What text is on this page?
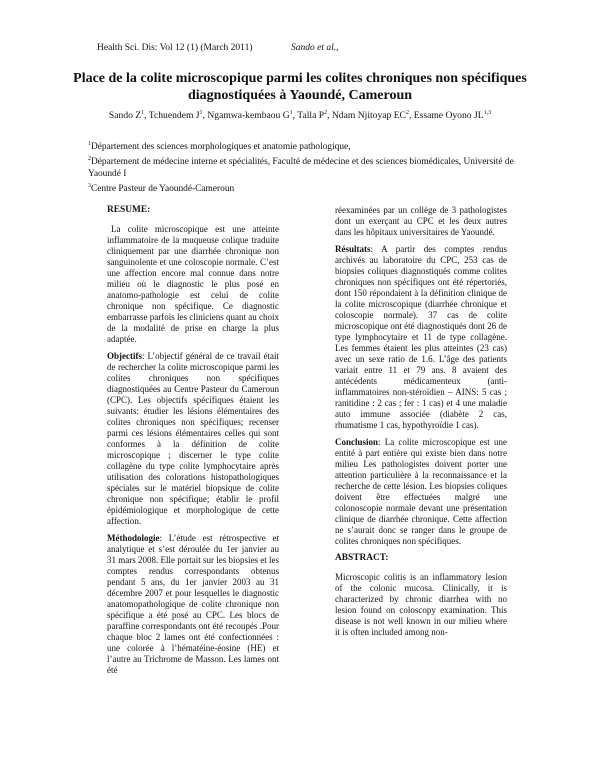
Health Sci. Dis: Vol 12 (1) (March 2011)	Sando et al.,
Place de la colite microscopique parmi les colites chroniques non spécifiques diagnostiquées à Yaoundé, Cameroun
Sando $Z^1$, Tchuendem $J^1$, Ngamwa-kembaou $G^1$, Talla $P^2$, Ndam Njitoyap $EC^2$, Essame Oyono JL$^{1,3}$
$^1$Département des sciences morphologiques et anatomie pathologique,
$^2$Département de médecine interne et spécialités, Faculté de médecine et des sciences biomédicales, Université de Yaoundé I
$^3$Centre Pasteur de Yaoundé-Cameroun
RESUME:

La colite microscopique est une atteinte inflammatoire de la muqueuse colique traduite cliniquement par une diarrhée chronique non sanguinolente et une coloscopie normale. C’est une affection encore mal connue dans notre milieu où le diagnostic le plus posé en anatomo-pathologie est celui de colite chronique non spécifique. Ce diagnostic embarrasse parfois les cliniciens quant au choix de la modalité de prise en charge la plus adaptée.

Objectifs: L’objectif général de ce travail était de rechercher la colite microscopique parmi les colites chroniques non spécifiques diagnostiquées au Centre Pasteur du Cameroun (CPC). Les objectifs spécifiques étaient les suivants: étudier les lésions élémentaires des colites chroniques non spécifiques; recenser parmi ces lésions élémentaires celles qui sont conformes à la définition de colite microscopique ; discerner le type colite collagène du type colite lymphocytaire après utilisation des colorations histopathologiques spéciales sur le matériel biopsique de colite chronique non spécifique; établir le profil épidémiologique et morphologique de cette affection.

Méthodologie: L’étude est rétrospective et analytique et s’est déroulée du 1er janvier au 31 mars 2008. Elle portait sur les biopsies et les comptes rendus correspondants obtenus pendant 5 ans, du 1er janvier 2003 au 31 décembre 2007 et pour lesquelles le diagnostic anatomopathologique de colite chronique non spécifique a été posé au CPC. Les blocs de paraffine correspondants ont été recoupés .Pour chaque bloc 2 lames ont été confectionnées : une colorée à l’hématéine-éosine (HE) et l’autre au Trichrome de Masson. Les lames ont été

réexaminées par un collège de 3 pathologistes dont un exerçant au CPC et les deux autres dans les hôpitaux universitaires de Yaoundé.

Résultats: A partir des comptes rendus archivés au laboratoire du CPC, 253 cas de biopsies coliques diagnostiqués comme colites chroniques non spécifiques ont été répertoriés, dont 150 répondaient à la définition clinique de la colite microscopique (diarrhée chronique et coloscopie normale). 37 cas de colite microscopique ont été diagnostiqués dont 26 de type lymphocytaire et 11 de type collagène. Les femmes étaient les plus atteintes (23 cas) avec un sexe ratio de 1.6. L’âge des patients variait entre 11 et 79 ans. 8 avaient des antécédents médicamenteux (anti-inflammatoires non-stéroïdien – AINS: 5 cas ; ranitidine : 2 cas ; fer : 1 cas) et 4 une maladie auto immune associée (diabète 2 cas, rhumatisme 1 cas, hypothyroïdie 1 cas).

Conclusion: La colite microscopique est une entité à part entière qui existe bien dans notre milieu Les pathologistes doivent porter une attention particulière à la reconnaissance et la recherche de cette lésion. Les biopsies coliques doivent être effectuées malgré une colonoscopie normale devant une présentation clinique de diarrhée chronique. Cette affection ne s’aurait donc se ranger dans le groupe de colites chroniques non spécifiques.

ABSTRACT:

Microscopic colitis is an inflammatory lesion of the colonic mucosa. Clinically, it is characterized by chronic diarrhea with no lesion found on coloscopy examination. This disease is not well known in our milieu where it is often included among non-
